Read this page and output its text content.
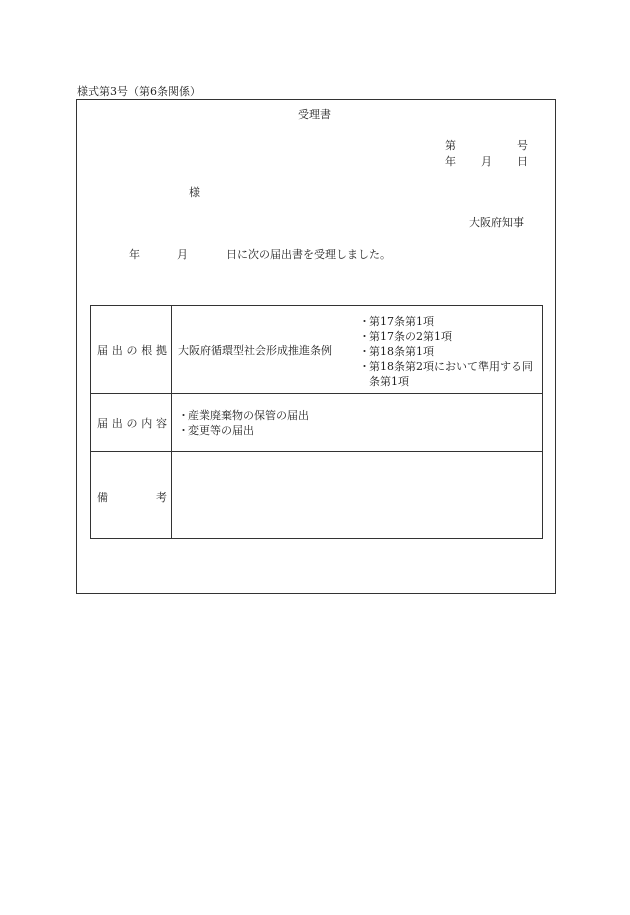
様式第3号（第6条関係）
受理書
第	号
年 月 日
様
大阪府知事
年	月	日に次の届出書を受理しました。
届 出 の 根 拠 大阪府循環型社会形成推進条例
・第17条第1項
・第17条の2第1項
・第18条第1項
・第18条第2項において準用する同
条第1項
届 出 の 内 容
・産業廃棄物の保管の届出
・変更等の届出
備	考
